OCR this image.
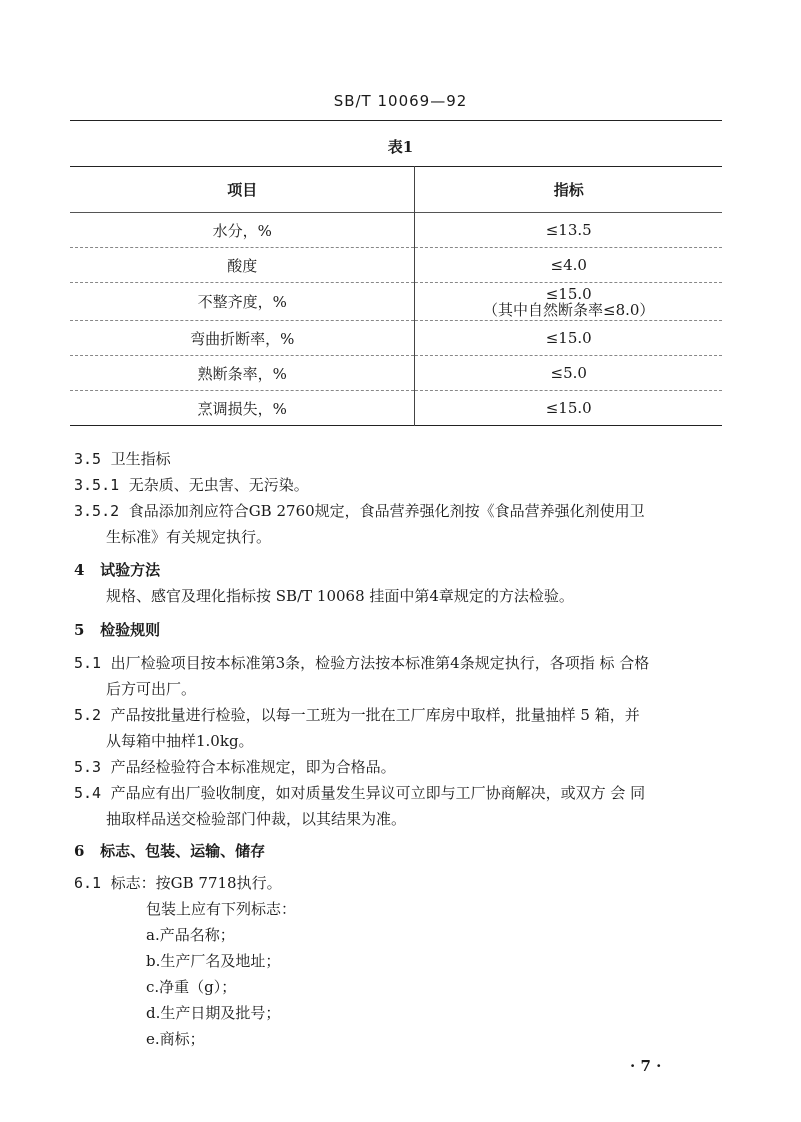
SB/T 10069—92
表1
项目	指标
水分，%	≤13.5
酸度	≤4.0
不整齐度，%	≤15.0
（其中自然断条率≤8.0）

弯曲折断率，%	≤15.0
熟断条率，%	≤5.0
烹调损失，%	≤15.0
3.5 卫生指标
3.5.1 无杂质、无虫害、无污染。
3.5.2 食品添加剂应符合GB 2760规定，食品营养强化剂按《食品营养强化剂使用卫
生标准》有关规定执行。
4 试验方法
规格、感官及理化指标按 SB/T 10068 挂面中第4章规定的方法检验。
5 检验规则
5.1 出厂检验项目按本标准第3条，检验方法按本标准第4条规定执行，各项指 标 合格
后方可出厂。
5.2 产品按批量进行检验，以每一工班为一批在工厂库房中取样，批量抽样 5 箱，并
从每箱中抽样1.0kg。
5.3 产品经检验符合本标准规定，即为合格品。
5.4 产品应有出厂验收制度，如对质量发生异议可立即与工厂协商解决，或双方 会 同
抽取样品送交检验部门仲裁，以其结果为准。
6 标志、包装、运输、储存
6.1 标志：按GB 7718执行。
包装上应有下列标志：
a.产品名称；
b.生产厂名及地址；
c.净重（g）；
d.生产日期及批号；
e.商标；
· 7 ·
